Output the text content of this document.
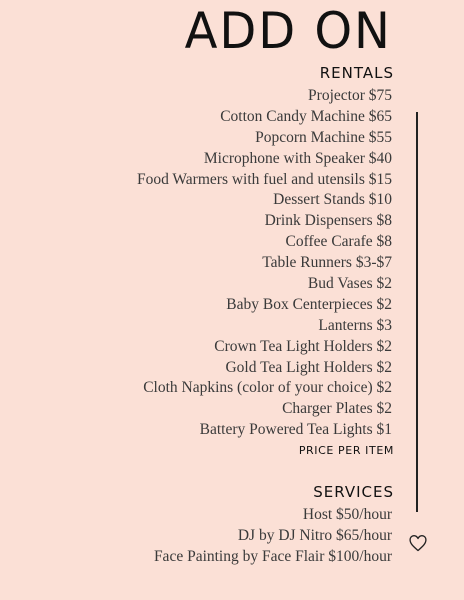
ADD ON
RENTALS
Projector $75
Cotton Candy Machine $65
Popcorn Machine $55
Microphone with Speaker $40
Food Warmers with fuel and utensils $15
Dessert Stands $10
Drink Dispensers $8
Coffee Carafe $8
Table Runners $3-$7
Bud Vases $2
Baby Box Centerpieces $2
Lanterns $3
Crown Tea Light Holders $2
Gold Tea Light Holders $2
Cloth Napkins (color of your choice) $2
Charger Plates $2
Battery Powered Tea Lights $1
PRICE PER ITEM
SERVICES
Host $50/hour
DJ by DJ Nitro $65/hour
Face Painting by Face Flair $100/hour
